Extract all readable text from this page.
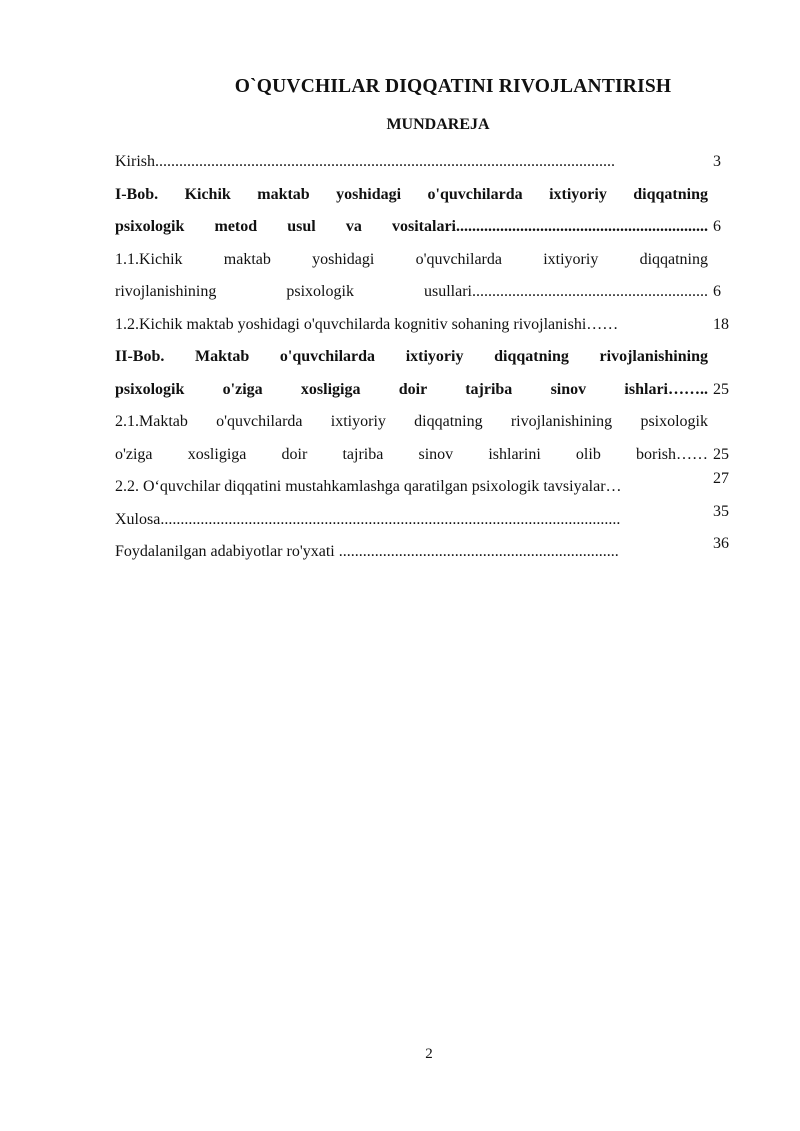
O`QUVCHILAR DIQQATINI RIVOJLANTIRISH
MUNDAREJA
Kirish...................................................................................................................	3
I-Bob. Kichik maktab yoshidagi o'quvchilarda ixtiyoriy diqqatning
psixologik metod usul va vositalari............................................................... 6
1.1.Kichik maktab yoshidagi o'quvchilarda ixtiyoriy diqqatning
rivojlanishining psixologik usullari........................................................... 6
1.2.Kichik maktab yoshidagi o'quvchilarda kognitiv sohaning rivojlanishi……	18
II-Bob. Maktab o'quvchilarda ixtiyoriy diqqatning rivojlanishining
psixologik o'ziga xosligiga doir tajriba sinov ishlari…….. 25
2.1.Maktab o'quvchilarda ixtiyoriy diqqatning rivojlanishining psixologik
o'ziga xosligiga doir tajriba sinov ishlarini olib borish…… 25
2.2. O‘quvchilar diqqatini mustahkamlashga qaratilgan psixologik tavsiyalar…	27
Xulosa...................................................................................................................	35
Foydalanilgan adabiyotlar ro'yxati ......................................................................	36
2
